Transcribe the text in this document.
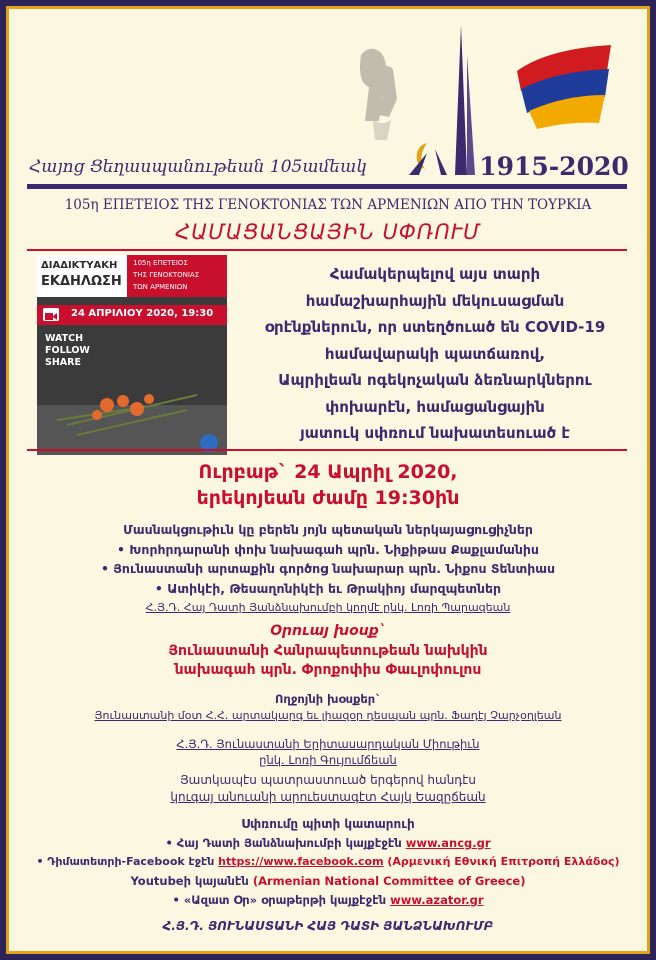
Հայոց Ցեղասպանութեան 105ամեակ	1915-2020
105η ΕΠΕΤΕΙΟΣ ΤΗΣ ΓΕΝΟΚΤΟΝΙΑΣ ΤΩΝ ΑΡΜΕΝΙΩΝ ΑΠΟ ΤΗΝ ΤΟΥΡΚΙΑ
ՀԱՄԱՑԱՆՑԱՅԻՆ ՍՓՌՈՒՄ
ΔΙΑΔΙΚΤΥΑΚΗ
ΕΚΔΗΛΩΣΗ
105η ΕΠΕΤΕΙΟΣ
ΤΗΣ ΓΕΝΟΚΤΟΝΙΑΣ
ΤΩΝ ΑΡΜΕΝΙΩΝ
24 ΑΠΡΙΛΙΟΥ 2020, 19:30
WATCH
FOLLOW
SHARE
Համակերպելով այս տարի
համաշխարհային մեկուսացման
օրէնքներուն, որ ստեղծուած են COVID-19
համավարակի պատճառով,
Ապրիլեան ոգեկոչական ձեռնարկներու
փոխարէն, համացանցային
յատուկ սփռում նախատեսուած է
Ուրբաթ` 24 Ապրիլ 2020,
երեկոյեան ժամը 19:30ին
Մասնակցութիւն կը բերեն յոյն պետական ներկայացուցիչներ
• Խորհրդարանի փոխ նախագահ պրն. Նիքիթաս Քաքլամանիս
• Յունաստանի արտաքին գործոց նախարար պրն. Նիքոս Տենտիաս
• Ատիկէի, Թեսաղոնիկէի եւ Թրակիոյ մարզպետներ
Հ.Յ.Դ. Հայ Դատի Յանձնախումբի կողմէ ընկ. Լոռի Պարազեան
Օրուայ խօսք`
Յունաստանի Հանրապետութեան նախկին
նախագահ պրն. Փրոքոփիս Փաւլոփուլոս
Ողջոյնի խօսքեր`
Յունաստանի մօտ Հ.Հ. արտակարգ եւ լիազօր դեսպան պրն. Ֆադէյ Չարչօղլեան
Հ.Յ.Դ. Յունաստանի Երիտասարդական Միութիւն
ընկ. Լոռի Գույումճեան
Յատկապէս պատրաստուած երգերով հանդէս
կուգայ անուանի արուեստագէտ Հայկ Եազըճեան
Սփռումը պիտի կատարուի
• Հայ Դատի Յանձնախումբի կայքէջէն www.ancg.gr
• Դիմատետրի-Facebook էջէն https://www.facebook.com (Αρμενική Εθνική Επιτροπή Ελλάδος)
Youtubeի կայանէն (Armenian National Committee of Greece)
• «Ազատ Օր» օրաթերթի կայքէջէն www.azator.gr
Հ.Յ.Դ. ՅՈՒՆԱՍՏԱՆԻ ՀԱՅ ԴԱՏԻ ՅԱՆՁՆԱԽՈՒՄԲ
